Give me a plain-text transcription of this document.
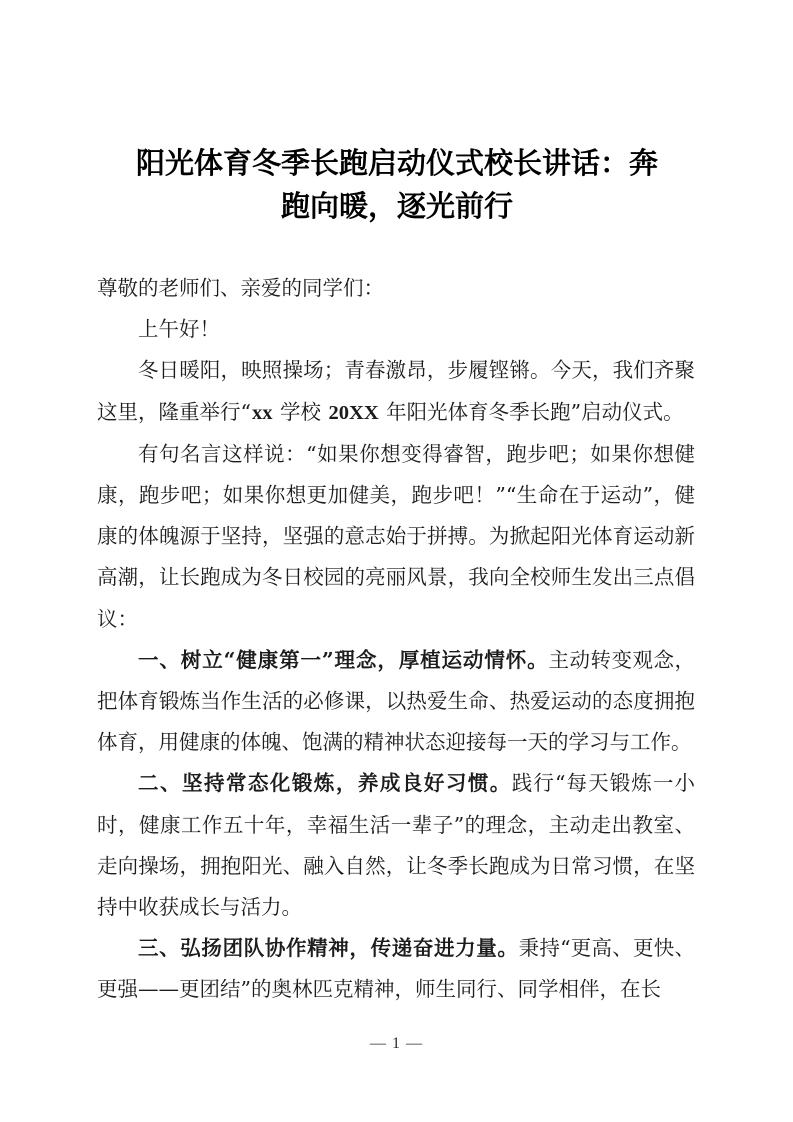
阳光体育冬季长跑启动仪式校长讲话：奔
跑向暖，逐光前行

尊敬的老师们、亲爱的同学们：

上午好！

冬日暖阳，映照操场；青春激昂，步履铿锵。今天，我们齐聚这里，隆重举行“xx 学校 20XX 年阳光体育冬季长跑”启动仪式。

有句名言这样说：“如果你想变得睿智，跑步吧；如果你想健康，跑步吧；如果你想更加健美，跑步吧！”“生命在于运动”，健康的体魄源于坚持，坚强的意志始于拼搏。为掀起阳光体育运动新高潮，让长跑成为冬日校园的亮丽风景，我向全校师生发出三点倡议：

一、树立“健康第一”理念，厚植运动情怀。主动转变观念，把体育锻炼当作生活的必修课，以热爱生命、热爱运动的态度拥抱体育，用健康的体魄、饱满的精神状态迎接每一天的学习与工作。

二、坚持常态化锻炼，养成良好习惯。践行“每天锻炼一小时，健康工作五十年，幸福生活一辈子”的理念，主动走出教室、走向操场，拥抱阳光、融入自然，让冬季长跑成为日常习惯，在坚持中收获成长与活力。

三、弘扬团队协作精神，传递奋进力量。秉持“更高、更快、更强——更团结”的奥林匹克精神，师生同行、同学相伴，在长

— 1 —
